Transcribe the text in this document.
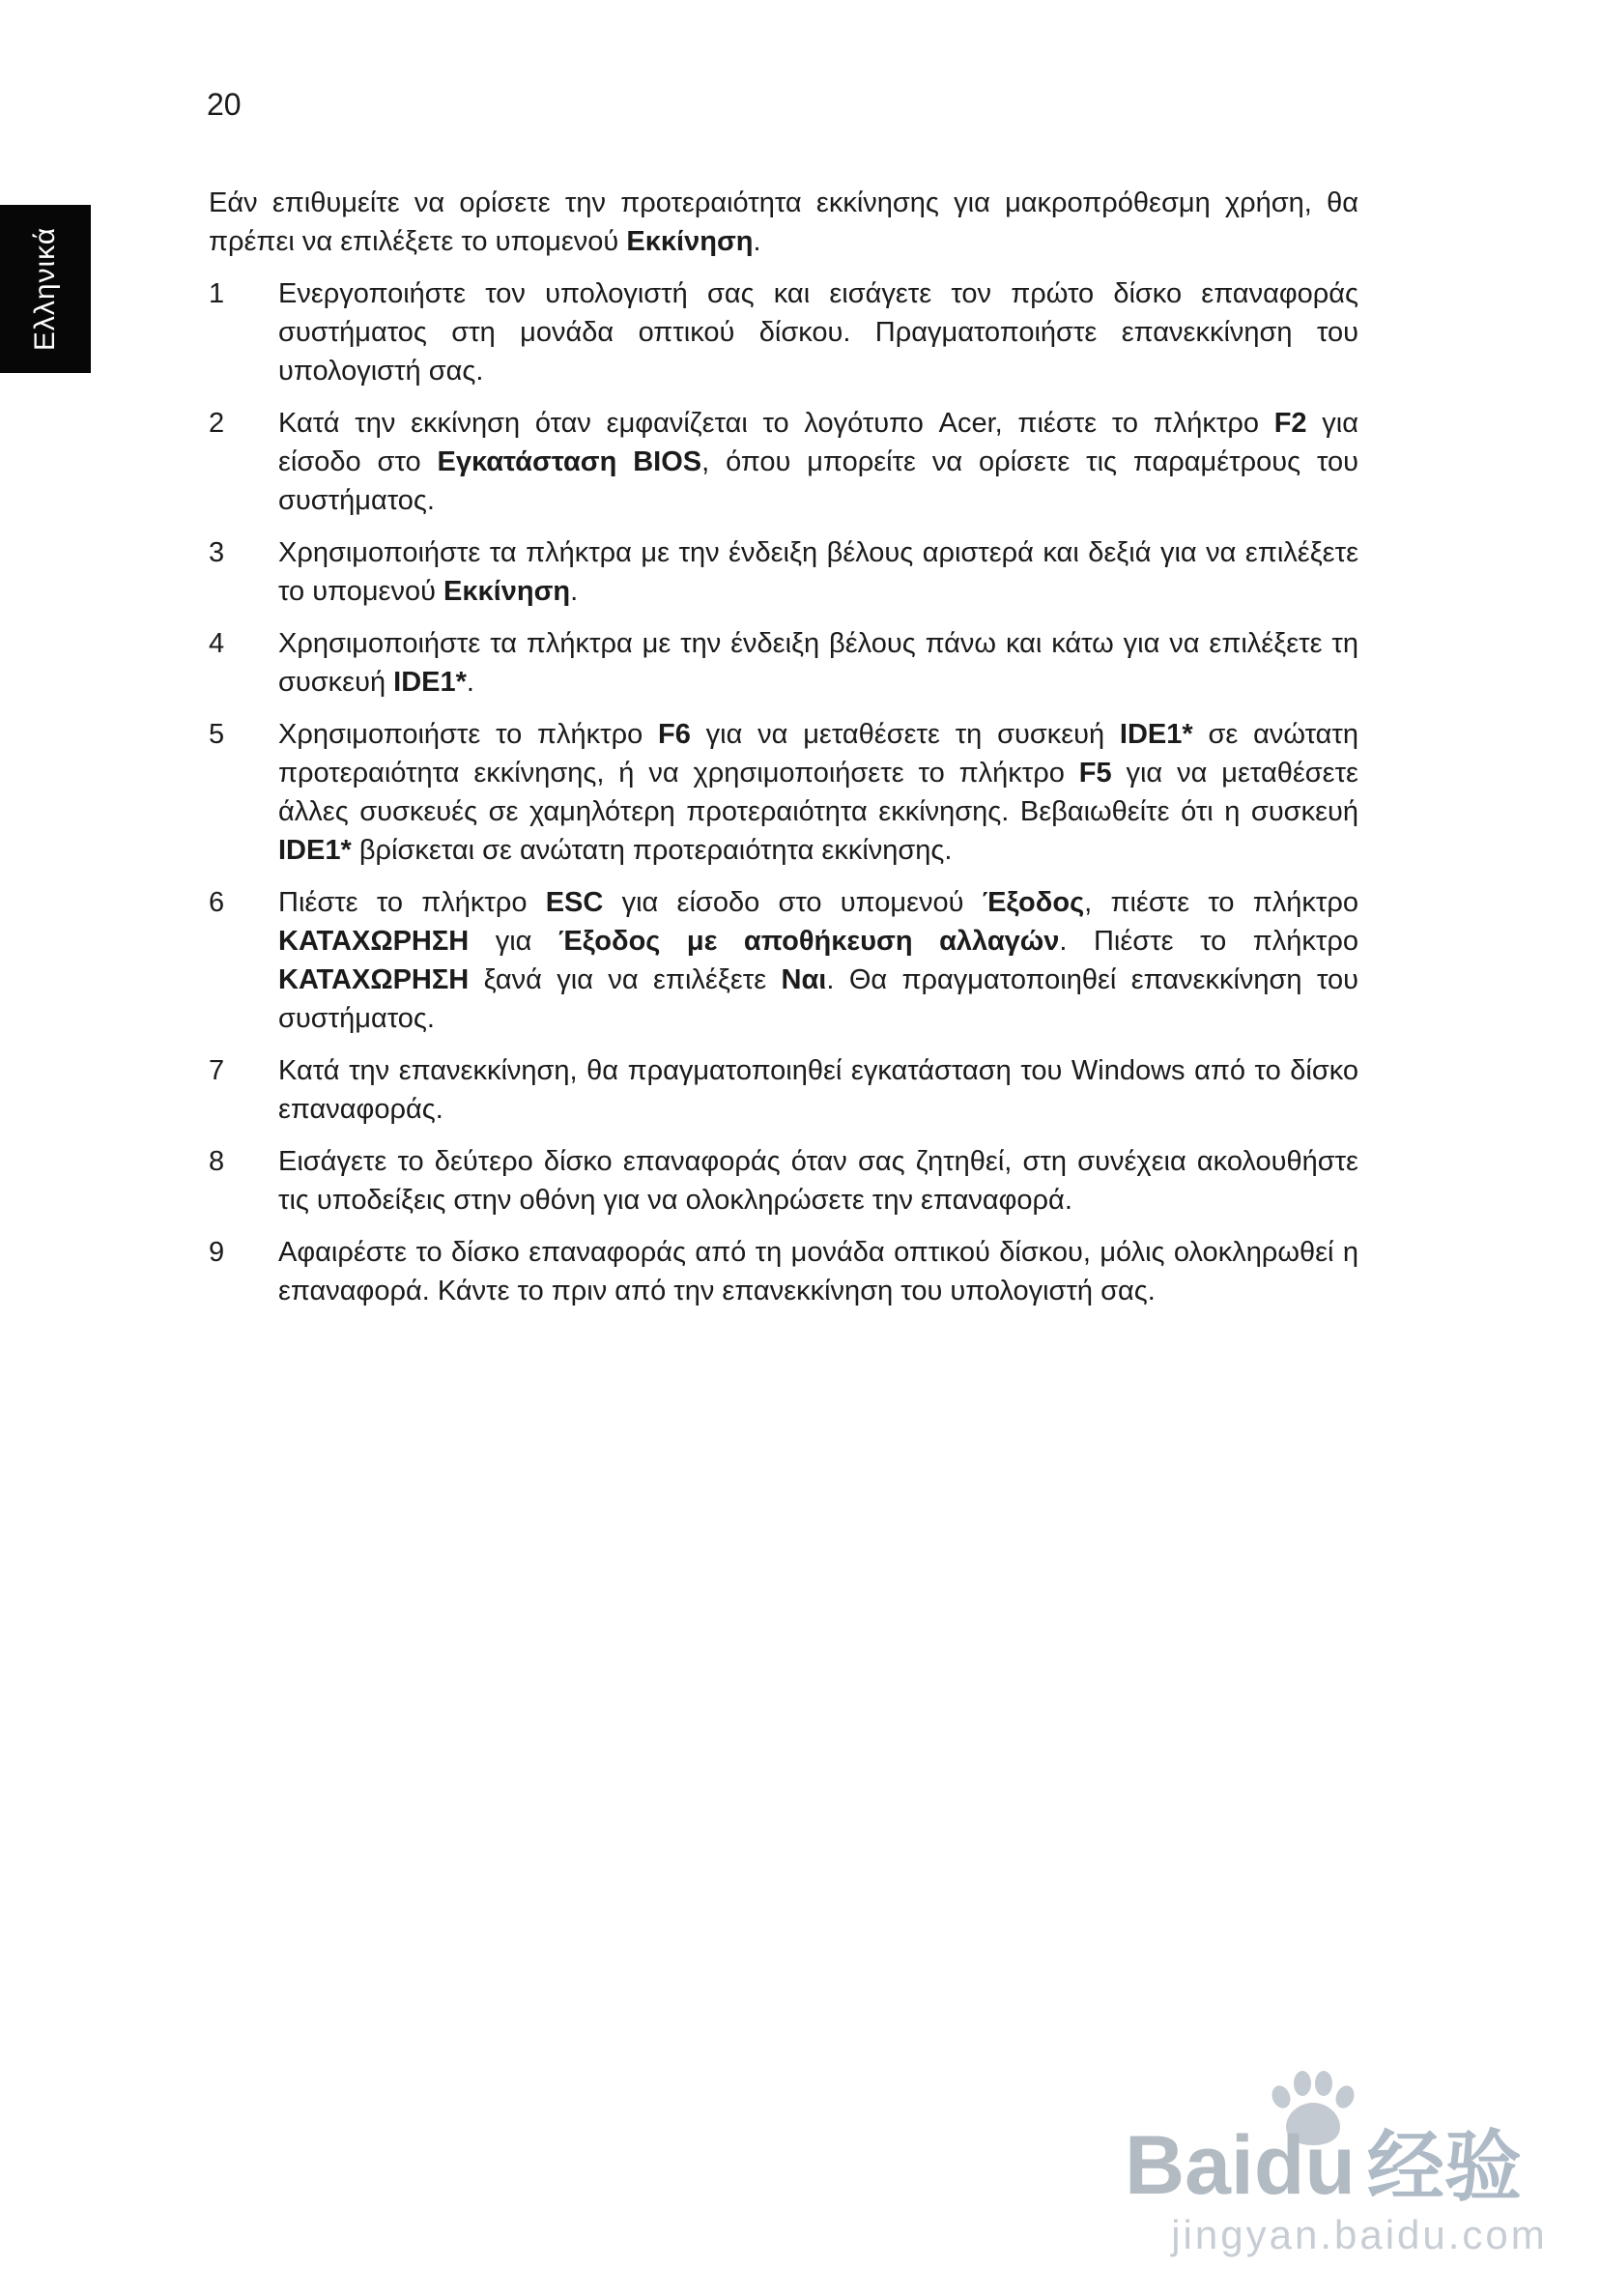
20
Ελληνικά

Εάν επιθυμείτε να ορίσετε την προτεραιότητα εκκίνησης για μακροπρόθεσμη χρήση, θα πρέπει να επιλέξετε το υπομενού Εκκίνηση.

1	Ενεργοποιήστε τον υπολογιστή σας και εισάγετε τον πρώτο δίσκο επαναφοράς συστήματος στη μονάδα οπτικού δίσκου. Πραγματοποιήστε επανεκκίνηση του υπολογιστή σας.
2	Κατά την εκκίνηση όταν εμφανίζεται το λογότυπο Acer, πιέστε το πλήκτρο F2 για είσοδο στο Εγκατάσταση BIOS, όπου μπορείτε να ορίσετε τις παραμέτρους του συστήματος.
3	Χρησιμοποιήστε τα πλήκτρα με την ένδειξη βέλους αριστερά και δεξιά για να επιλέξετε το υπομενού Εκκίνηση.
4	Χρησιμοποιήστε τα πλήκτρα με την ένδειξη βέλους πάνω και κάτω για να επιλέξετε τη συσκευή IDE1*.
5	Χρησιμοποιήστε το πλήκτρο F6 για να μεταθέσετε τη συσκευή IDE1* σε ανώτατη προτεραιότητα εκκίνησης, ή να χρησιμοποιήσετε το πλήκτρο F5 για να μεταθέσετε άλλες συσκευές σε χαμηλότερη προτεραιότητα εκκίνησης. Βεβαιωθείτε ότι η συσκευή IDE1* βρίσκεται σε ανώτατη προτεραιότητα εκκίνησης.
6	Πιέστε το πλήκτρο ESC για είσοδο στο υπομενού Έξοδος, πιέστε το πλήκτρο ΚΑΤΑΧΩΡΗΣΗ για Έξοδος με αποθήκευση αλλαγών. Πιέστε το πλήκτρο ΚΑΤΑΧΩΡΗΣΗ ξανά για να επιλέξετε Ναι. Θα πραγματοποιηθεί επανεκκίνηση του συστήματος.
7	Κατά την επανεκκίνηση, θα πραγματοποιηθεί εγκατάσταση του Windows από το δίσκο επαναφοράς.
8	Εισάγετε το δεύτερο δίσκο επαναφοράς όταν σας ζητηθεί, στη συνέχεια ακολουθήστε τις υποδείξεις στην οθόνη για να ολοκληρώσετε την επαναφορά.
9	Αφαιρέστε το δίσκο επαναφοράς από τη μονάδα οπτικού δίσκου, μόλις ολοκληρωθεί η επαναφορά. Κάντε το πριν από την επανεκκίνηση του υπολογιστή σας.
Baidu 经验
jingyan.baidu.com
